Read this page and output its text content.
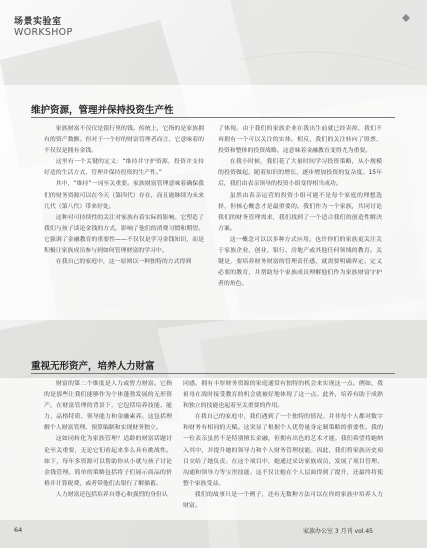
场景实验室
WORKSHOP
维护资源，管理并保持投资生产性

家族财富不仅仅是银行里的钱。传统上，它指的是家族拥有的资产数额。但对于一个好的财富管理者而言，它意味着的不仅仅是拥有金钱。

这里有一个关键的定义：“维持并守护资源，投资并支持好适的生活方式，管理并保持投资的生产性。”

其中，“维持”一词至关重要。家族财富管理意味着确保我们的财务资源可以在今天（第四代）存在，而且能继续为未来几代（第八代）带来好处。

这种对可持续性的关注对家族有着实际的影响。它塑造了我们与孩子谈论金钱的方式，影响了他们的消费习惯和期望。它强调了金融教育的重要性——不仅仅是学习金钱知识，而是积极让家族成员参与到如何管理财富的学习中。

在我自己的家庭中，这一原则以一种独特的方式得到

了体现。由于我们的家族企业在我出生前就已经卖掉，我们不再拥有一个可以关注的实体。相反，我们的关注转向了股票、投资和整体的投资战略。这意味着金融教育变得尤为重要。

在我小时候，我们花了大量时间学习投资策略，从小规模的投资做起，随着知识的增长，逐步增加投资的复杂度。15年后，我们由表亲领导的投资小组变得相当成功。

虽然由表亲运营的投资小组可能不是每个家庭的理想选择，但核心概念才是最重要的。我们作为一个家族，共同讨论我们的财务管理需求，我们找到了一个适合我们的创造性解决方案。

这一概念可以以多种方式应用。也许你们的家族更关注关于家族企业、创业、银行、房地产或其他任何领域的教育。关键是，要培养财务财富的管理责任感，就需要明确界定、定义必要的教育，并帮助每个家族成员理解他们作为家族财富守护者的角色。

重视无形资产，培养人力财富

财富的第二个维度是人力或智力财富。它指的是那些让我们能够作为个体蓬勃发展的无形资产。在财富管理的背景下，它包括培养技能、能力、品格特质、领导能力和金融素养。这包括理解个人财富管理、预算编制和实现财务独立。

这如同转化为家族管理？适龄的财富话题讨论至关重要，无论它们看起来多么具有挑战性。如下，每年多资源可以帮助你从小就与孩子讨论金钱管理。简单的策略包括将子们展示商品的价格并计算税费，或者带他们去银行了解储蓄。

人力财富还包括培养自尊心和强烈的身份认

同感。拥有丰厚财务资源的家庭通常有独特的机会来实现这一点。例如，我祖母在战时接受教育的机会就被好地体现了这一点。此外，培养有助于成熟和独立的技能也起着至关重要的作用。

在我自己的家庭中，我们遇到了一个独特的情况。并非每个人都对数字和财务有相同的天赋。这突显了根据个人优势量身定制策略的重要性。我的一位表亲虽然不是特别擅长金融，但拥有出色的艺术才能。我们希望将她纳入其中，并提升她的领导力和个人财务管理技能。因此，我们将家族历史项目交给了她负责。在这个项目中，她通过采访家族成员，发展了项目管理、沟通和领导力等宝贵技能。这不仅让她在个人层面得到了提升，还最终将使整个家族受益。

我们的故事只是一个例子，还有无数种方法可以在你的家族中培养人力财富。

64	家族办公室 3 月刊 vol.45
